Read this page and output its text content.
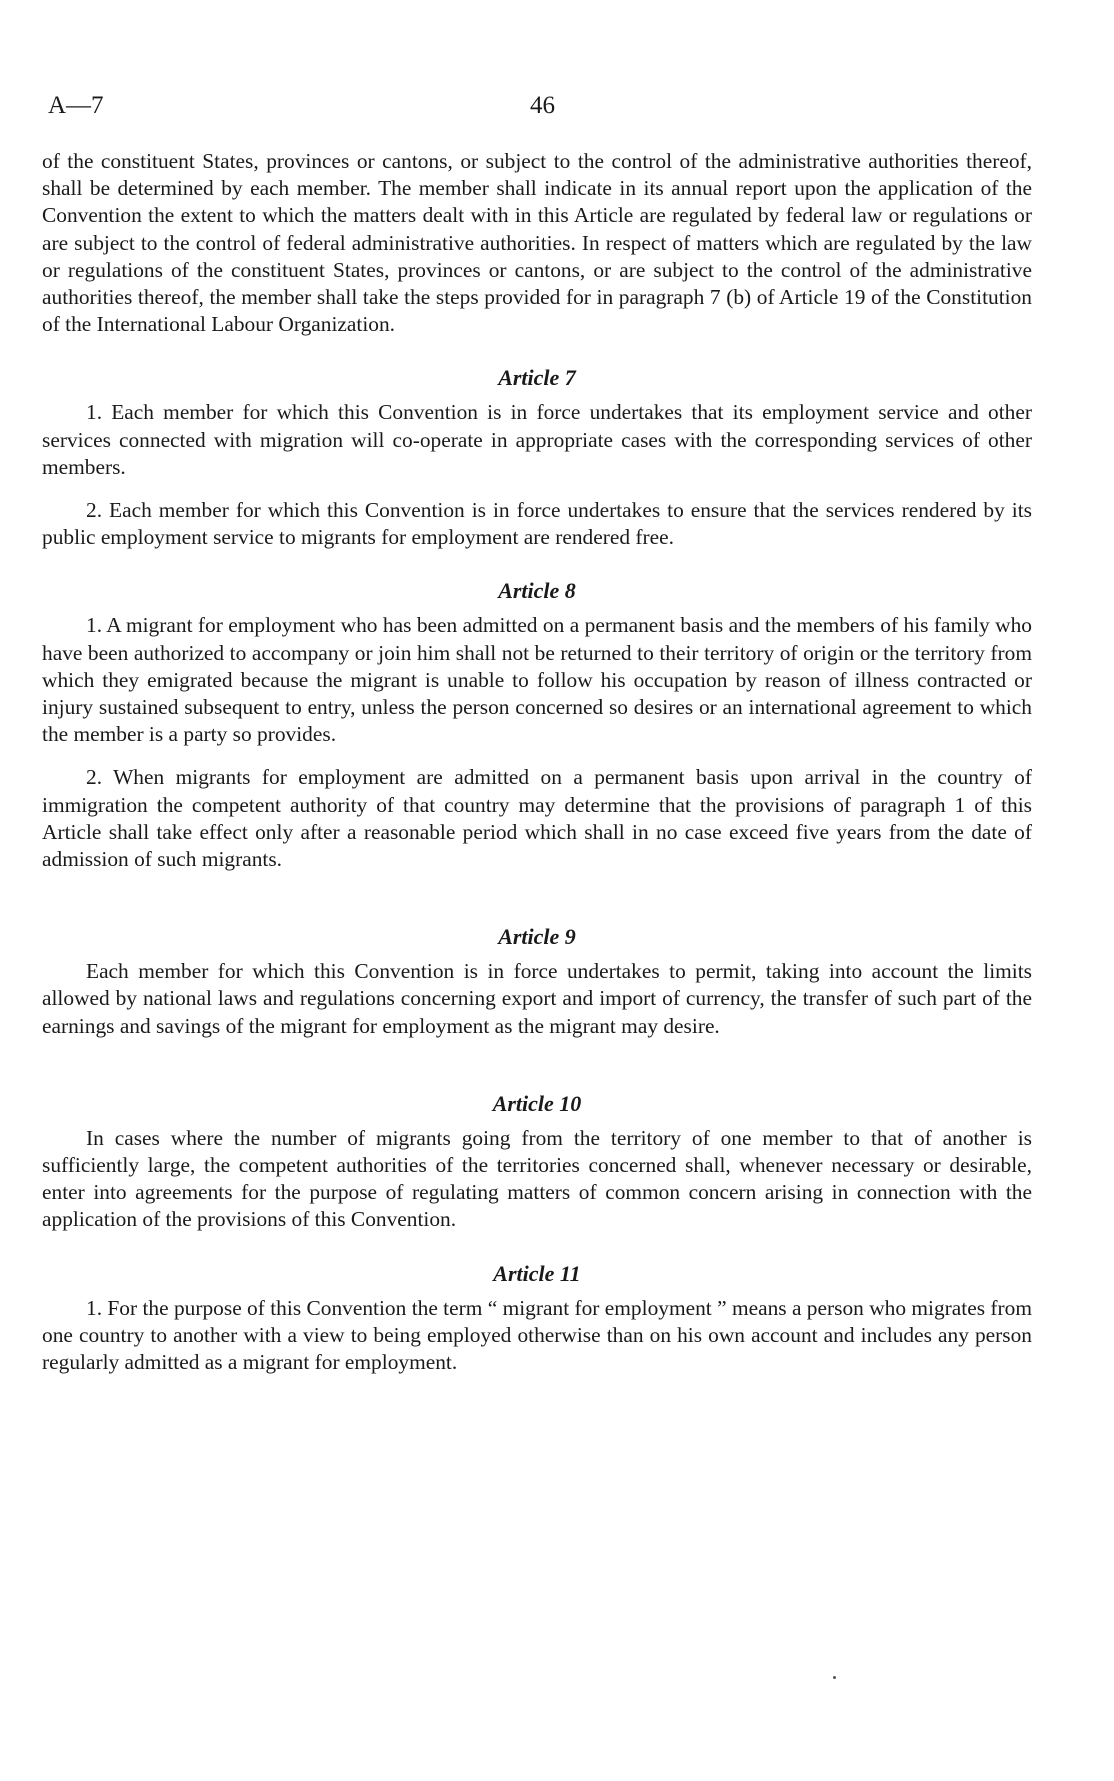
A—7	46

of the constituent States, provinces or cantons, or subject to the control of the administrative authorities thereof, shall be determined by each member. The member shall indicate in its annual report upon the application of the Convention the extent to which the matters dealt with in this Article are regulated by federal law or regulations or are subject to the control of federal administrative authorities. In respect of matters which are regulated by the law or regulations of the constituent States, provinces or cantons, or are subject to the control of the administrative authorities thereof, the member shall take the steps provided for in paragraph 7 (b) of Article 19 of the Constitution of the International Labour Organization.

Article 7

1. Each member for which this Convention is in force undertakes that its employment service and other services connected with migration will co-operate in appropriate cases with the corresponding services of other members.

2. Each member for which this Convention is in force undertakes to ensure that the services rendered by its public employment service to migrants for employment are rendered free.

Article 8

1. A migrant for employment who has been admitted on a permanent basis and the members of his family who have been authorized to accompany or join him shall not be returned to their territory of origin or the territory from which they emigrated because the migrant is unable to follow his occupation by reason of illness contracted or injury sustained subsequent to entry, unless the person concerned so desires or an international agreement to which the member is a party so provides.

2. When migrants for employment are admitted on a permanent basis upon arrival in the country of immigration the competent authority of that country may determine that the provisions of paragraph 1 of this Article shall take effect only after a reasonable period which shall in no case exceed five years from the date of admission of such migrants.

Article 9

Each member for which this Convention is in force undertakes to permit, taking into account the limits allowed by national laws and regulations concerning export and import of currency, the transfer of such part of the earnings and savings of the migrant for employment as the migrant may desire.

Article 10

In cases where the number of migrants going from the territory of one member to that of another is sufficiently large, the competent authorities of the territories concerned shall, whenever necessary or desirable, enter into agreements for the purpose of regulating matters of common concern arising in connection with the application of the provisions of this Convention.

Article 11

1. For the purpose of this Convention the term “ migrant for employment ” means a person who migrates from one country to another with a view to being employed otherwise than on his own account and includes any person regularly admitted as a migrant for employment.
